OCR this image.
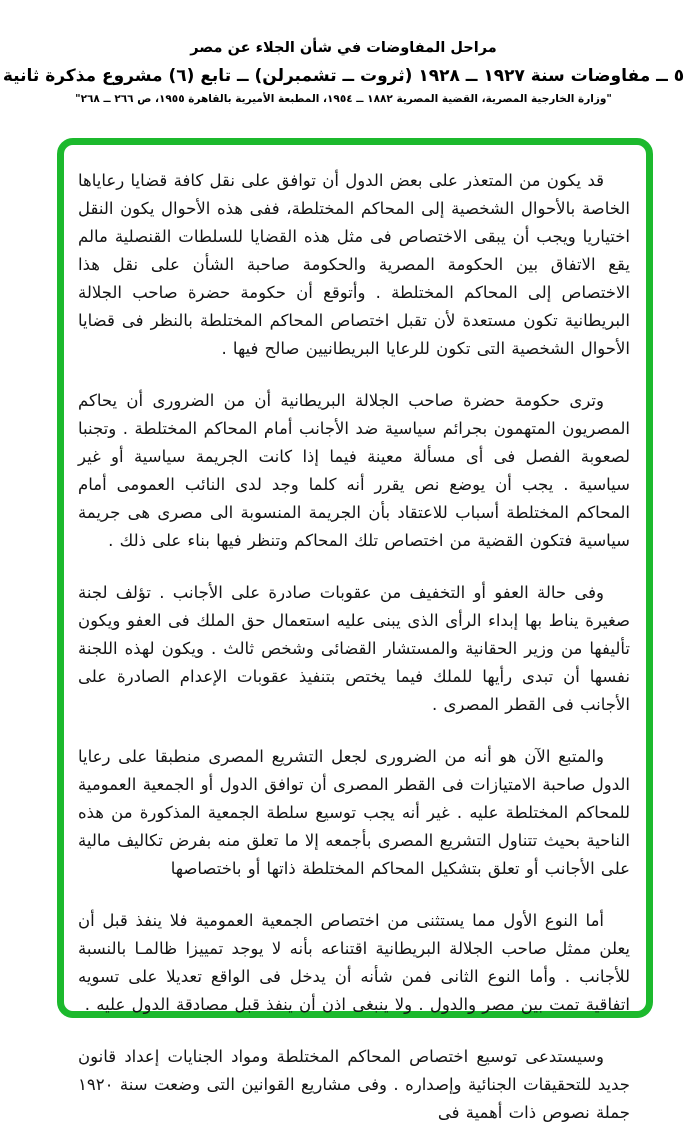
مراحل المفاوضات في شأن الجلاء عن مصر

٥ ــ مفاوضات سنة ١٩٢٧ ــ ١٩٢٨ (ثروت ــ تشمبرلن) ــ تابع (٦) مشروع مذكرة ثانية

"وزارة الخارجية المصرية، القضية المصرية ١٨٨٢ ــ ١٩٥٤، المطبعة الأميرية بالقاهرة ١٩٥٥، ص ٢٦٦ ــ ٢٦٨"

قد يكون من المتعذر على بعض الدول أن توافق على نقل كافة قضايا رعاياها الخاصة بالأحوال الشخصية إلى المحاكم المختلطة، ففى هذه الأحوال يكون النقل اختياريا ويجب أن يبقى الاختصاص فى مثل هذه القضايا للسلطات القنصلية مالم يقع الاتفاق بين الحكومة المصرية والحكومة صاحبة الشأن على نقل هذا الاختصاص إلى المحاكم المختلطة . وأتوقع أن حكومة حضرة صاحب الجلالة البريطانية تكون مستعدة لأن تقبل اختصاص المحاكم المختلطة بالنظر فى قضايا الأحوال الشخصية التى تكون للرعايا البريطانيين صالح فيها .

وترى حكومة حضرة صاحب الجلالة البريطانية أن من الضرورى أن يحاكم المصريون المتهمون بجرائم سياسية ضد الأجانب أمام المحاكم المختلطة . وتجنبا لصعوبة الفصل فى أى مسألة معينة فيما إذا كانت الجريمة سياسية أو غير سياسية . يجب أن يوضع نص يقرر أنه كلما وجد لدى النائب العمومى أمام المحاكم المختلطة أسباب للاعتقاد بأن الجريمة المنسوبة الى مصرى هى جريمة سياسية فتكون القضية من اختصاص تلك المحاكم وتنظر فيها بناء على ذلك .

وفى حالة العفو أو التخفيف من عقوبات صادرة على الأجانب . تؤلف لجنة صغيرة يناط بها إبداء الرأى الذى يبنى عليه استعمال حق الملك فى العفو ويكون تأليفها من وزير الحقانية والمستشار القضائى وشخص ثالث . ويكون لهذه اللجنة نفسها أن تبدى رأيها للملك فيما يختص بتنفيذ عقوبات الإعدام الصادرة على الأجانب فى القطر المصرى .

والمتبع الآن هو أنه من الضرورى لجعل التشريع المصرى منطبقا على رعايا الدول صاحبة الامتيازات فى القطر المصرى أن توافق الدول أو الجمعية العمومية للمحاكم المختلطة عليه . غير أنه يجب توسيع سلطة الجمعية المذكورة من هذه الناحية بحيث تتناول التشريع المصرى بأجمعه إلا ما تعلق منه بفرض تكاليف مالية على الأجانب أو تعلق بتشكيل المحاكم المختلطة ذاتها أو باختصاصها

أما النوع الأول مما يستثنى من اختصاص الجمعية العمومية فلا ينفذ قبل أن يعلن ممثل صاحب الجلالة البريطانية اقتناعه بأنه لا يوجد تمييزا ظالمـا بالنسبة للأجانب . وأما النوع الثانى فمن شأنه أن يدخل فى الواقع تعديلا على تسويه اتفاقية تمت بين مصر والدول . ولا ينبغى اذن أن ينفذ قبل مصادقة الدول عليه .

وسيستدعى توسيع اختصاص المحاكم المختلطة ومواد الجنايات إعداد قانون جديد للتحقيقات الجنائية وإصداره . وفى مشاريع القوانين التى وضعت سنة ١٩٢٠ جملة نصوص ذات أهمية فى
